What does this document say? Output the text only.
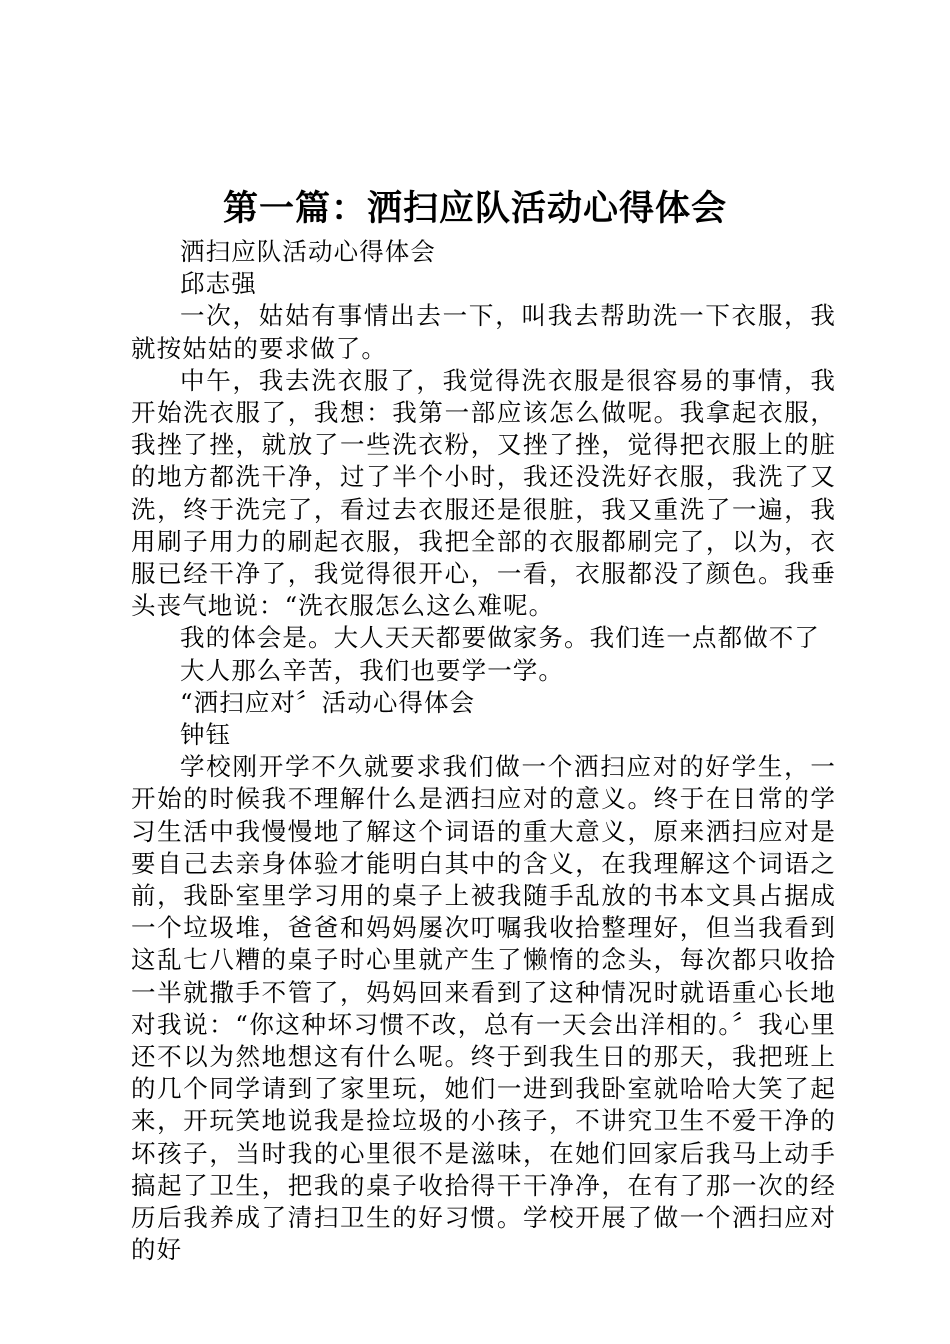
第一篇：洒扫应队活动心得体会

洒扫应队活动心得体会

邱志强

一次，姑姑有事情出去一下，叫我去帮助洗一下衣服，我就按姑姑的要求做了。

中午，我去洗衣服了，我觉得洗衣服是很容易的事情，我开始洗衣服了，我想：我第一部应该怎么做呢。我拿起衣服，我挫了挫，就放了一些洗衣粉，又挫了挫，觉得把衣服上的脏的地方都洗干净，过了半个小时，我还没洗好衣服，我洗了又洗，终于洗完了，看过去衣服还是很脏，我又重洗了一遍，我用刷子用力的刷起衣服，我把全部的衣服都刷完了，以为，衣服已经干净了，我觉得很开心，一看，衣服都没了颜色。我垂头丧气地说：“洗衣服怎么这么难呢。

我的体会是。大人天天都要做家务。我们连一点都做不了

大人那么辛苦，我们也要学一学。

“洒扫应对〞活动心得体会

钟钰

学校刚开学不久就要求我们做一个洒扫应对的好学生，一开始的时候我不理解什么是洒扫应对的意义。终于在日常的学习生活中我慢慢地了解这个词语的重大意义，原来洒扫应对是要自己去亲身体验才能明白其中的含义，在我理解这个词语之前，我卧室里学习用的桌子上被我随手乱放的书本文具占据成一个垃圾堆，爸爸和妈妈屡次叮嘱我收拾整理好，但当我看到这乱七八糟的桌子时心里就产生了懒惰的念头，每次都只收拾一半就撒手不管了，妈妈回来看到了这种情况时就语重心长地对我说：“你这种坏习惯不改，总有一天会出洋相的。〞我心里还不以为然地想这有什么呢。终于到我生日的那天，我把班上的几个同学请到了家里玩，她们一进到我卧室就哈哈大笑了起来，开玩笑地说我是捡垃圾的小孩子，不讲究卫生不爱干净的坏孩子，当时我的心里很不是滋味，在她们回家后我马上动手搞起了卫生，把我的桌子收拾得干干净净，在有了那一次的经历后我养成了清扫卫生的好习惯。学校开展了做一个洒扫应对的好
